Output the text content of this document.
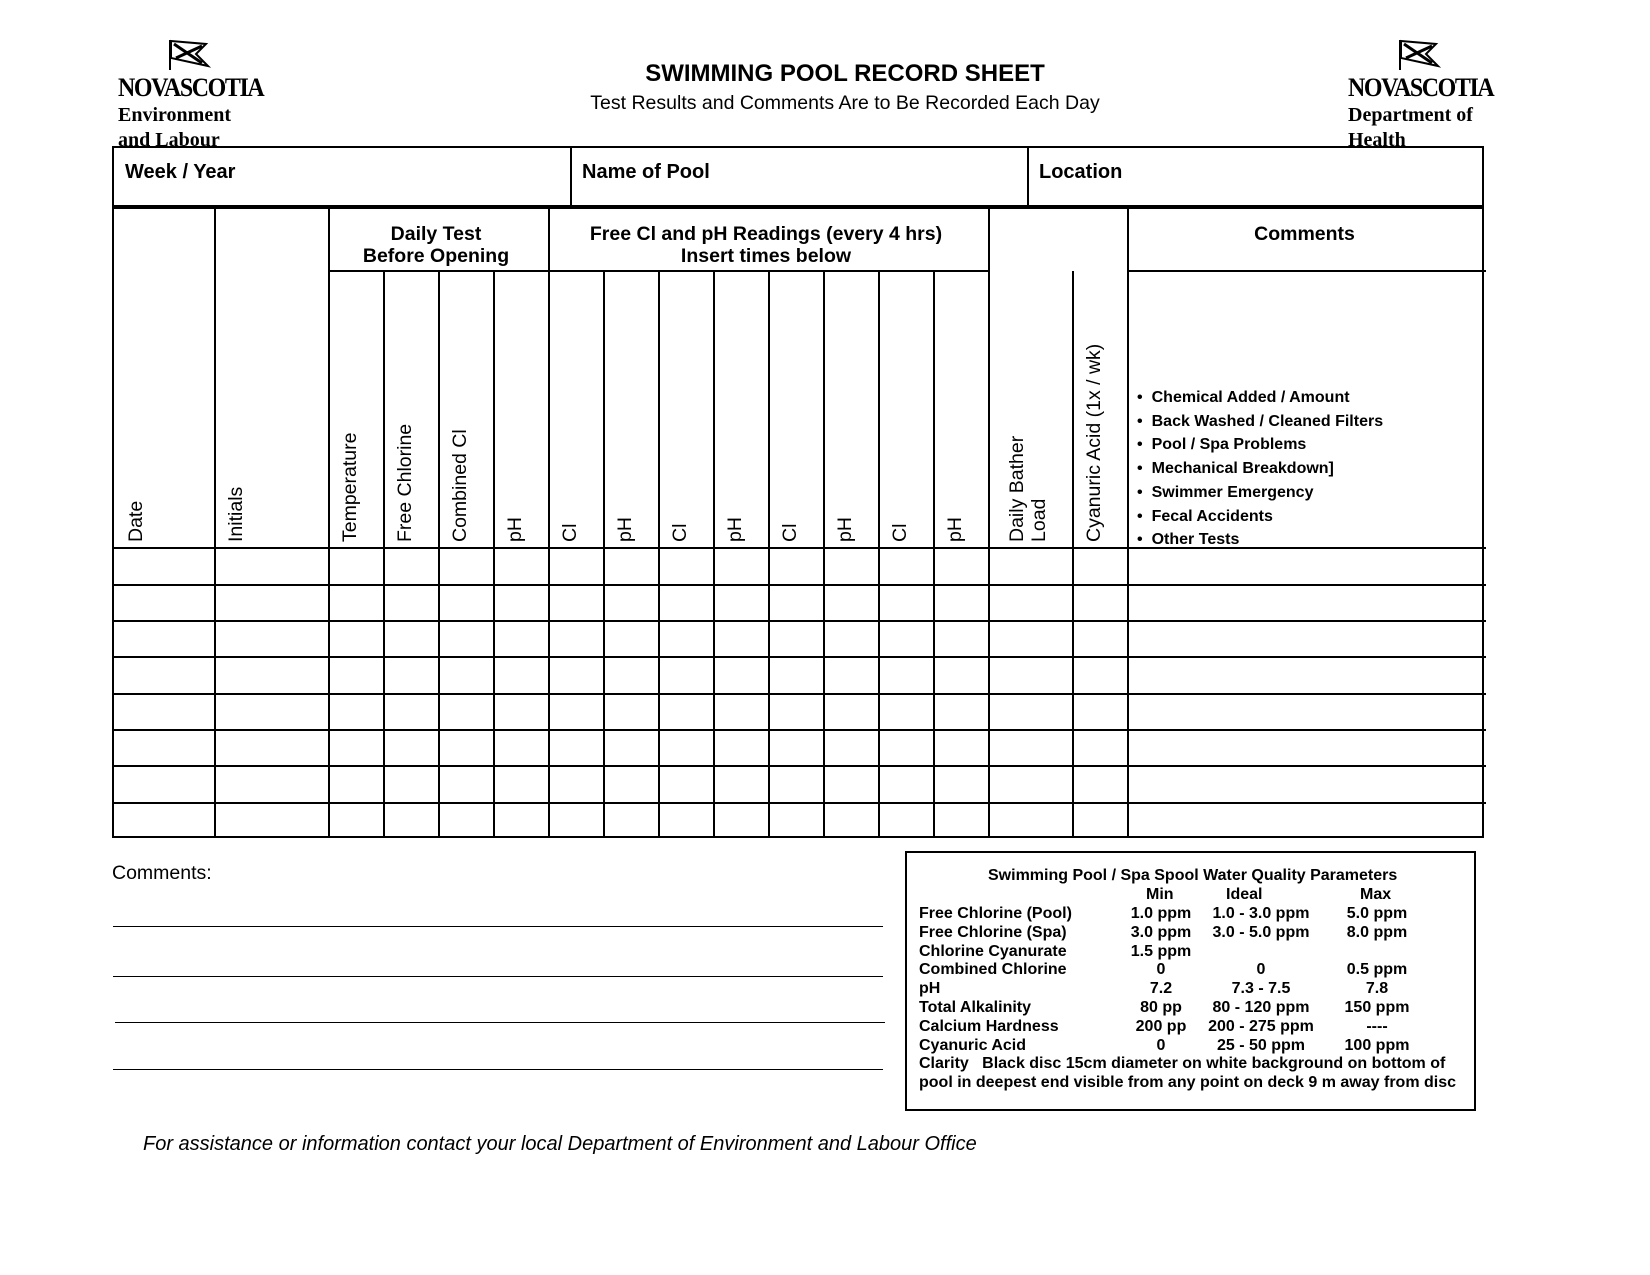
NOVASCOTIA
Environment
and Labour
NOVASCOTIA
Department of
Health
SWIMMING POOL RECORD SHEET
Test Results and Comments Are to Be Recorded Each Day
Week / Year	Name of Pool	Location
Daily Test
Before Opening
Free Cl and pH Readings (every 4 hrs)
Insert times below
Comments
Date	Initials	Temperature Free Chlorine Combined Cl pH Cl pH Cl pH Cl pH Cl pH Daily Bather Load Cyanuric Acid (1x / wk)
•	Chemical Added / Amount
• Back Washed / Cleaned Filters
• Pool / Spa Problems
• Mechanical Breakdown]
• Swimmer Emergency
• Fecal Accidents
• Other Tests
Comments:	Swimming Pool / Spa Spool Water Quality Parameters
Min	Ideal	Max
Free Chlorine (Pool)	1.0 ppm	1.0 - 3.0 ppm	5.0 ppm
Free Chlorine (Spa)	3.0 ppm	3.0 - 5.0 ppm	8.0 ppm
Chlorine Cyanurate	1.5 ppm
Combined Chlorine	0	0	0.5 ppm
pH	7.2	7.3 - 7.5	7.8
Total Alkalinity	80 pp	80 - 120 ppm	150 ppm
Calcium Hardness	200 pp	200 - 275 ppm	----
Cyanuric Acid	0	25 - 50 ppm	100 ppm
Clarity Black disc 15cm diameter on white background on bottom of
pool in deepest end visible from any point on deck 9 m away from disc
For assistance or information contact your local Department of Environment and Labour Office
